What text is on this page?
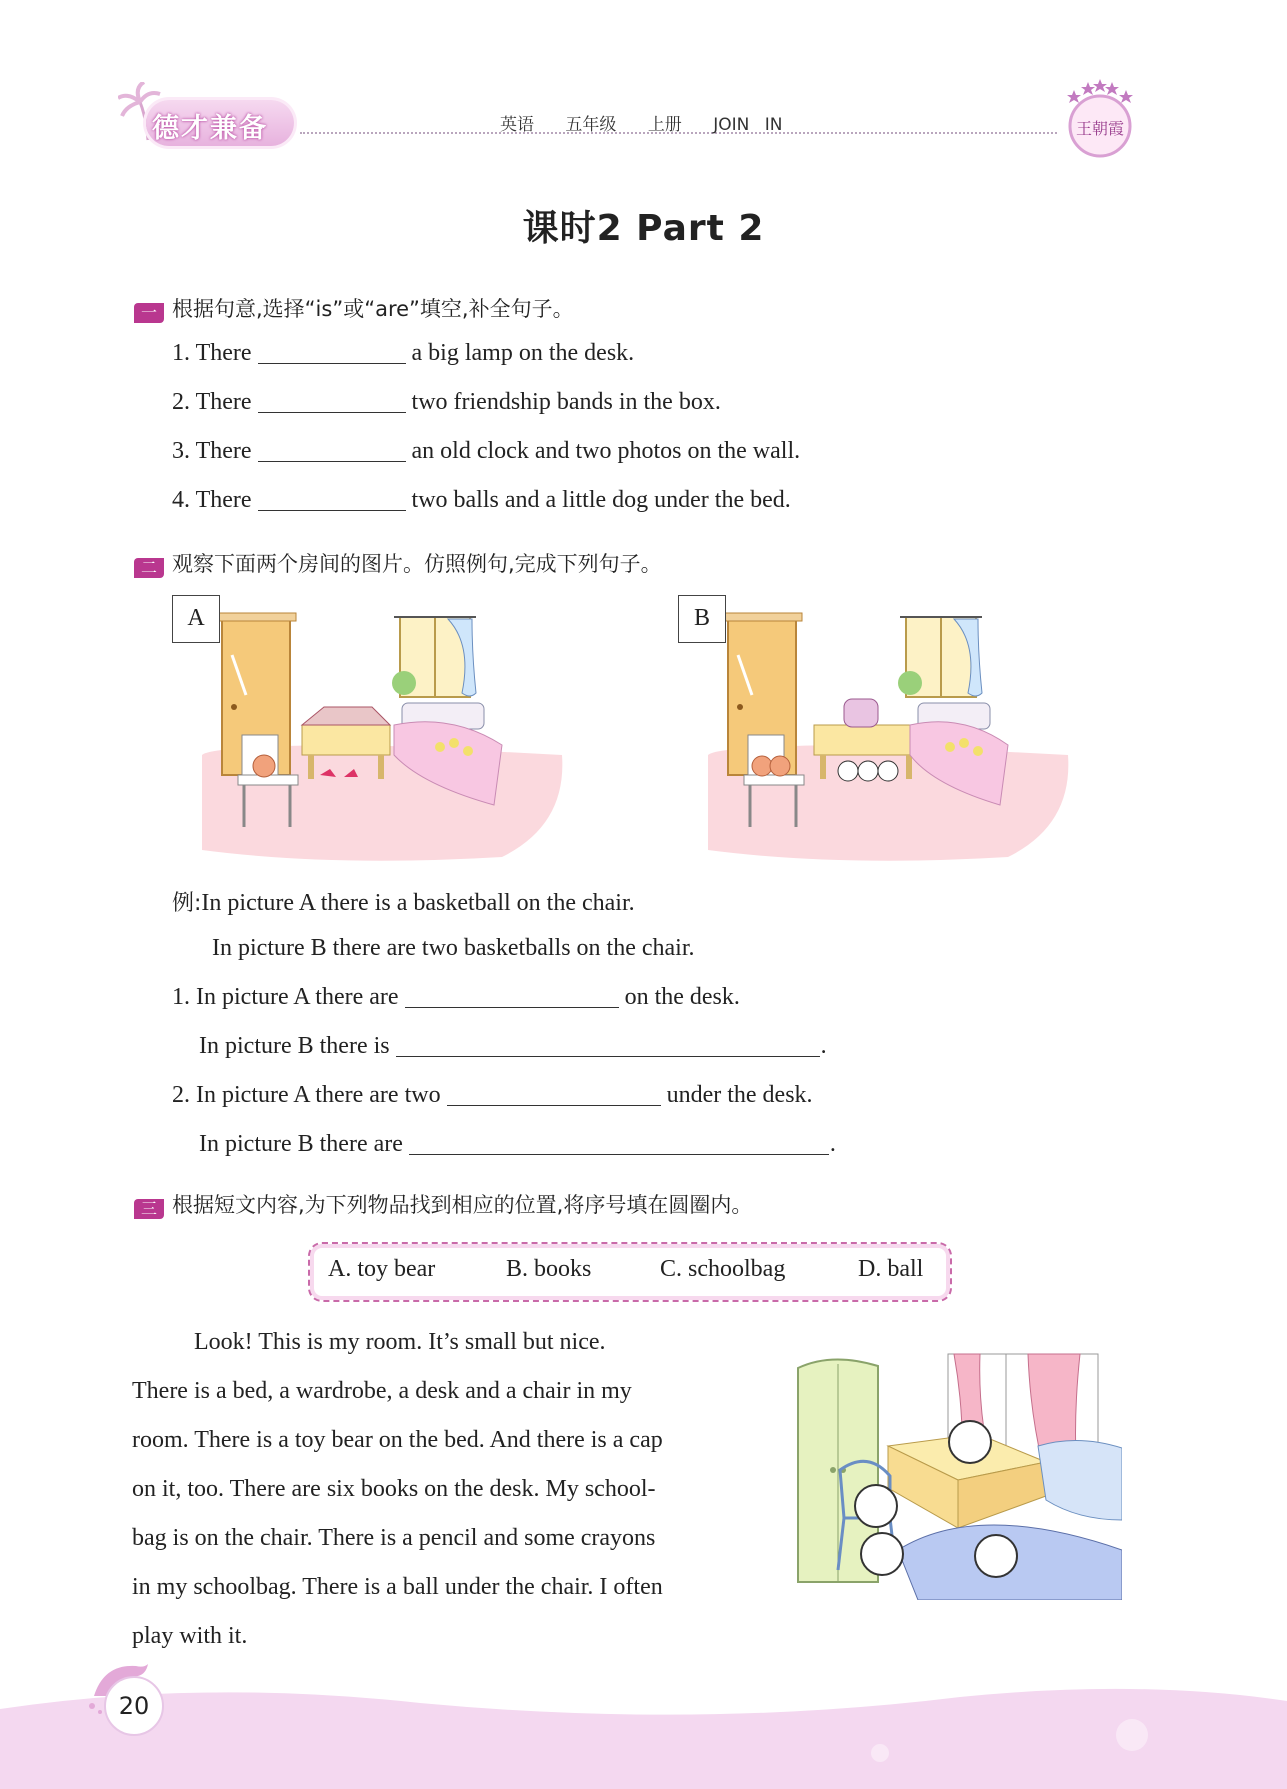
德才兼备	英语 五年级 上册 JOIN IN	王朝霞
课时2 Part 2
一 根据句意,选择“is”或“are”填空,补全句子。
1. There	a big lamp on the desk.
2. There	two friendship bands in the box.
3. There	an old clock and two photos on the wall.
4. There	two balls and a little dog under the bed.
二 观察下面两个房间的图片。仿照例句,完成下列句子。
A	B
例:In picture A there is a basketball on the chair.
In picture B there are two basketballs on the chair.
1. In picture A there are	on the desk.
In picture B there is	.
2. In picture A there are two	under the desk.
In picture B there are	.
三 根据短文内容,为下列物品找到相应的位置,将序号填在圆圈内。
A. toy bear	B. books	C. schoolbag	D. ball

Look! This is my room. It’s small but nice.

There is a bed, a wardrobe, a desk and a chair in my

room. There is a toy bear on the bed. And there is a cap

on it, too. There are six books on the desk. My school-

bag is on the chair. There is a pencil and some crayons

in my schoolbag. There is a ball under the chair. I often

play with it.

20
